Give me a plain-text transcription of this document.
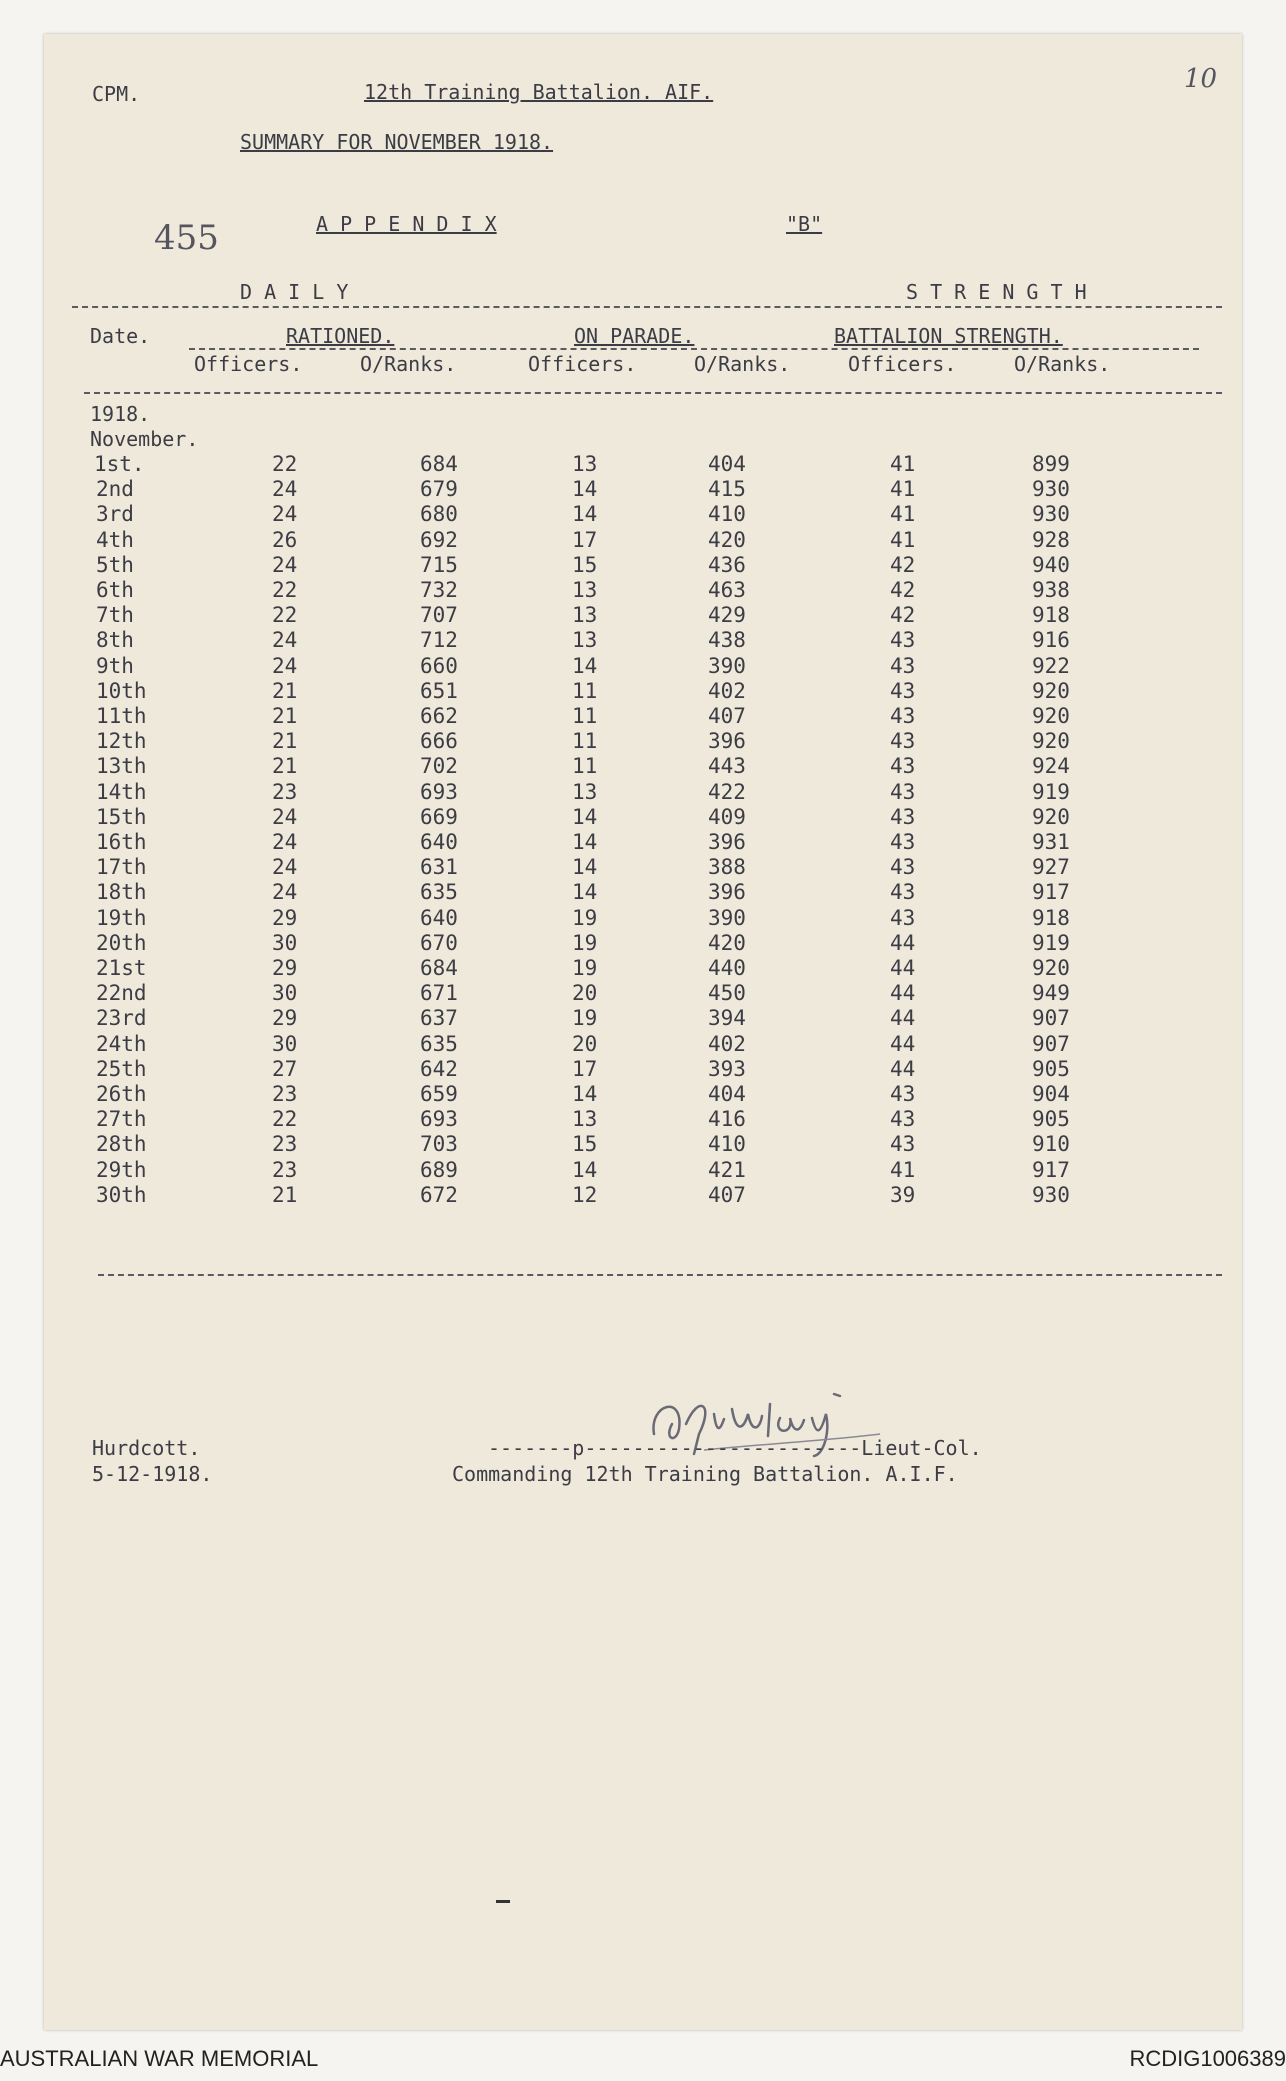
CPM.	12th Training Battalion. AIF.	10
SUMMARY FOR NOVEMBER 1918.
455	A P P E N D I X	"B"
D A I L Y	S T R E N G T H
Date.	RATIONED.	ON PARADE.	BATTALION STRENGTH.
Officers.	O/Ranks.	Officers.	O/Ranks.	Officers.	O/Ranks.
1918.
November.
1st.	22	684	13	404	41	899
2nd	24	679	14	415	41	930
3rd	24	680	14	410	41	930
4th	26	692	17	420	41	928
5th	24	715	15	436	42	940
6th	22	732	13	463	42	938
7th	22	707	13	429	42	918
8th	24	712	13	438	43	916
9th	24	660	14	390	43	922
10th	21	651	11	402	43	920
11th	21	662	11	407	43	920
12th	21	666	11	396	43	920
13th	21	702	11	443	43	924
14th	23	693	13	422	43	919
15th	24	669	14	409	43	920
16th	24	640	14	396	43	931
17th	24	631	14	388	43	927
18th	24	635	14	396	43	917
19th	29	640	19	390	43	918
20th	30	670	19	420	44	919
21st	29	684	19	440	44	920
22nd	30	671	20	450	44	949
23rd	29	637	19	394	44	907
24th	30	635	20	402	44	907
25th	27	642	17	393	44	905
26th	23	659	14	404	43	904
27th	22	693	13	416	43	905
28th	23	703	15	410	43	910
29th	23	689	14	421	41	917
30th	21	672	12	407	39	930
Hurdcott.
5-12-1918.
-------p-----------------------Lieut-Col.
Commanding 12th Training Battalion. A.I.F.
AUSTRALIAN WAR MEMORIAL	RCDIG1006389
